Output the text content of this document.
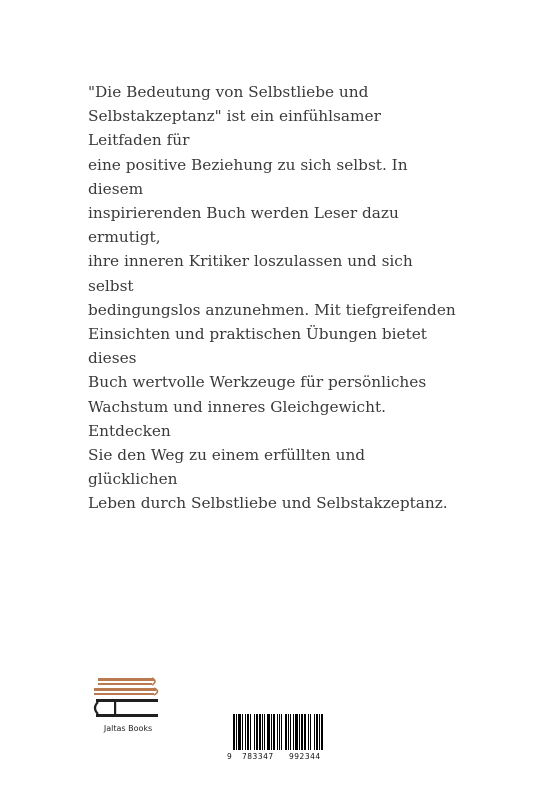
"Die Bedeutung von Selbstliebe und
Selbstakzeptanz" ist ein einfühlsamer Leitfaden für
eine positive Beziehung zu sich selbst. In diesem
inspirierenden Buch werden Leser dazu ermutigt,
ihre inneren Kritiker loszulassen und sich selbst
bedingungslos anzunehmen. Mit tiefgreifenden
Einsichten und praktischen Übungen bietet dieses
Buch wertvolle Werkzeuge für persönliches
Wachstum und inneres Gleichgewicht. Entdecken
Sie den Weg zu einem erfüllten und glücklichen
Leben durch Selbstliebe und Selbstakzeptanz.

Jaltas Books
9 783347 992344
